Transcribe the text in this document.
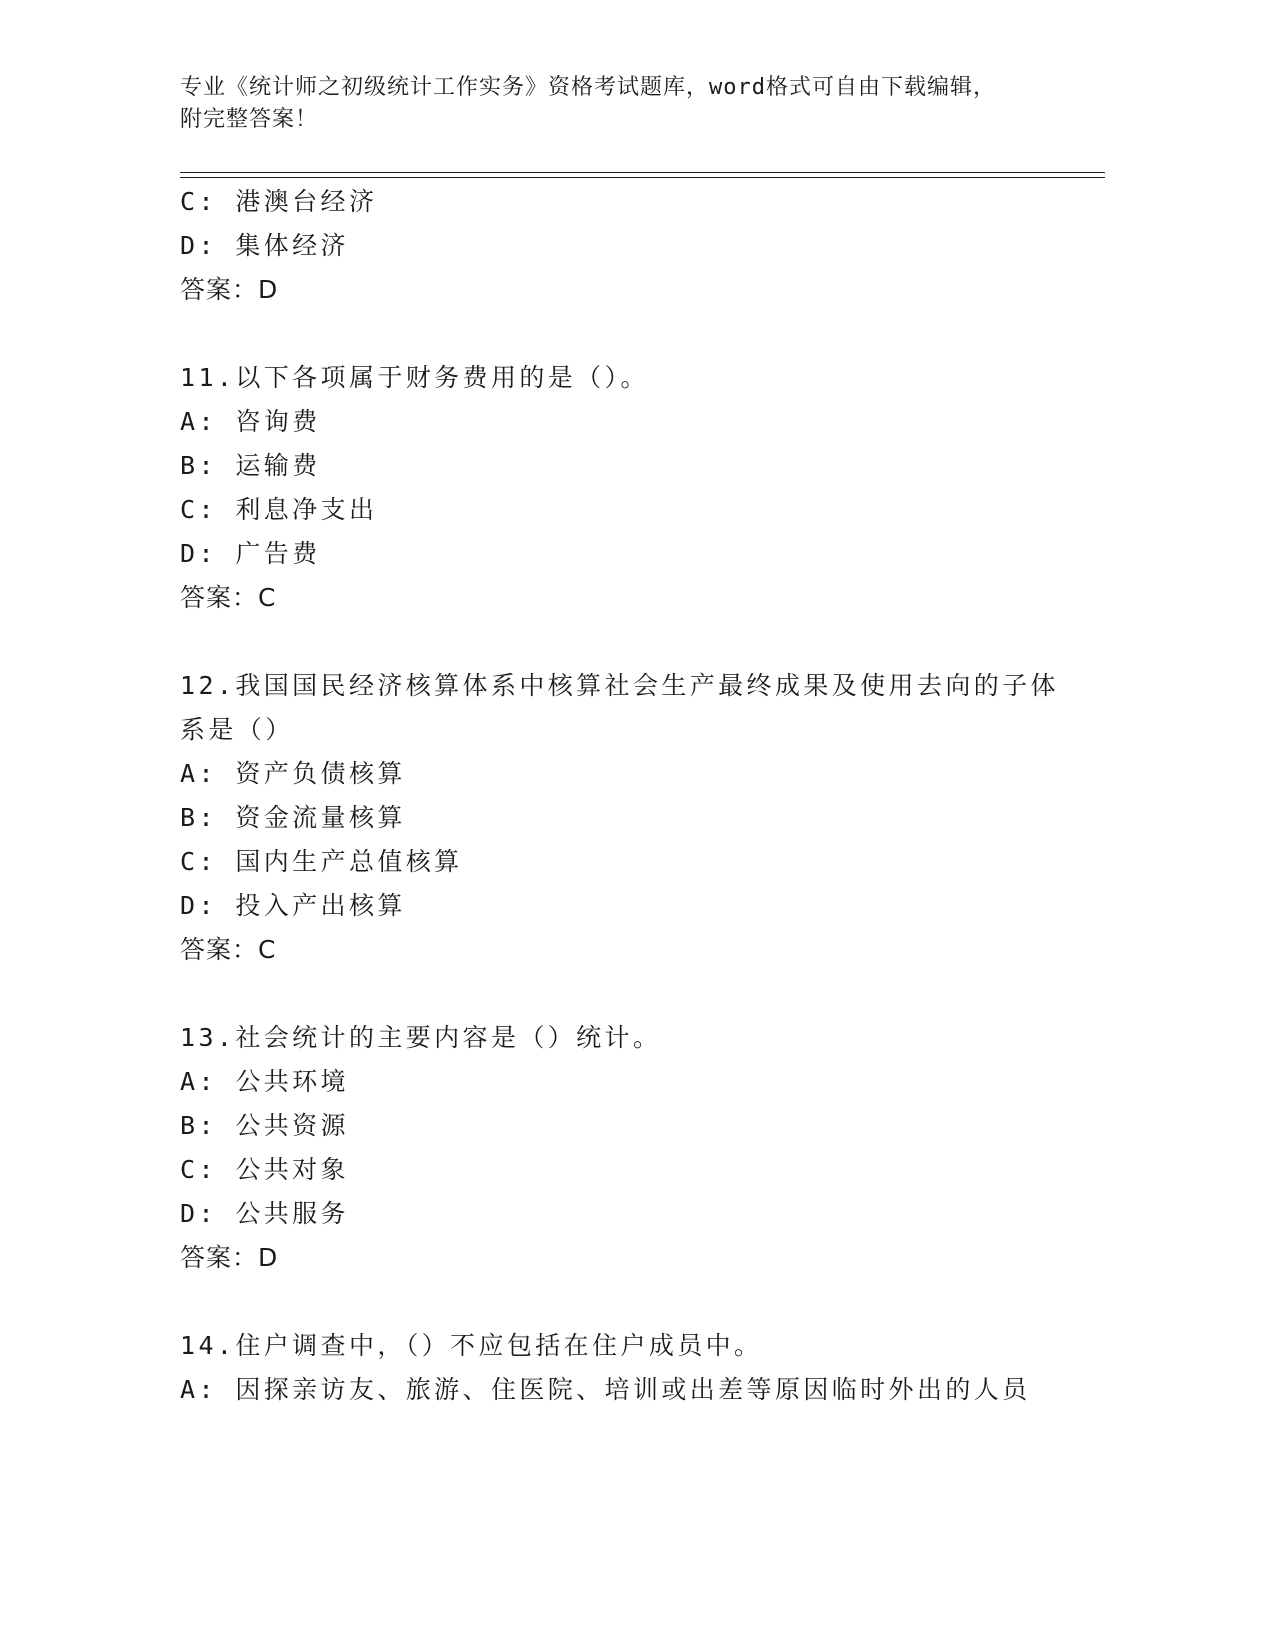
专业《统计师之初级统计工作实务》资格考试题库，word格式可自由下载编辑，
附完整答案！
C: 港澳台经济
D: 集体经济
答案：D
11.以下各项属于财务费用的是（）。
A: 咨询费
B: 运输费
C: 利息净支出
D: 广告费
答案：C
12.我国国民经济核算体系中核算社会生产最终成果及使用去向的子体
系是（）
A: 资产负债核算
B: 资金流量核算
C: 国内生产总值核算
D: 投入产出核算
答案：C
13.社会统计的主要内容是（）统计。
A: 公共环境
B: 公共资源
C: 公共对象
D: 公共服务
答案：D
14.住户调查中，（）不应包括在住户成员中。
A: 因探亲访友、旅游、住医院、培训或出差等原因临时外出的人员
